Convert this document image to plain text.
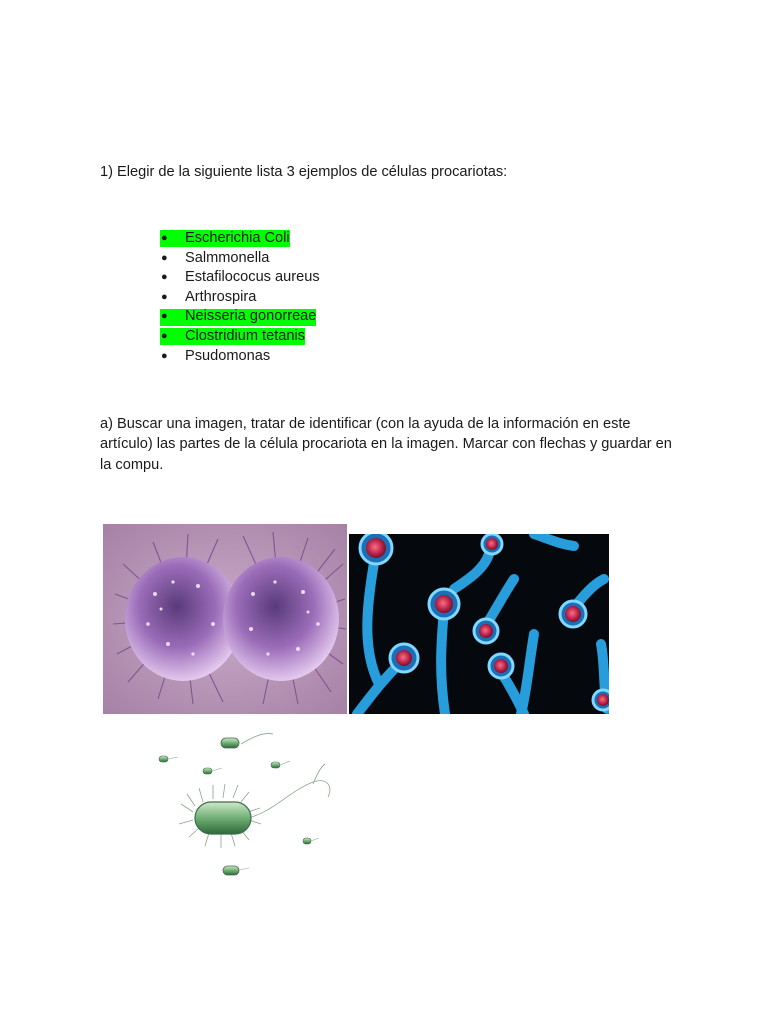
1) Elegir de la siguiente lista 3 ejemplos de células procariotas:

●	Escherichia Coli
●	Salmmonella
●	Estafilococus aureus
●	Arthrospira
●	Neisseria gonorreae
●	Clostridium tetanis
●	Psudomonas

a) Buscar una imagen, tratar de identificar (con la ayuda de la información en este artículo) las partes de la célula procariota en la imagen. Marcar con flechas y guardar en la compu.
